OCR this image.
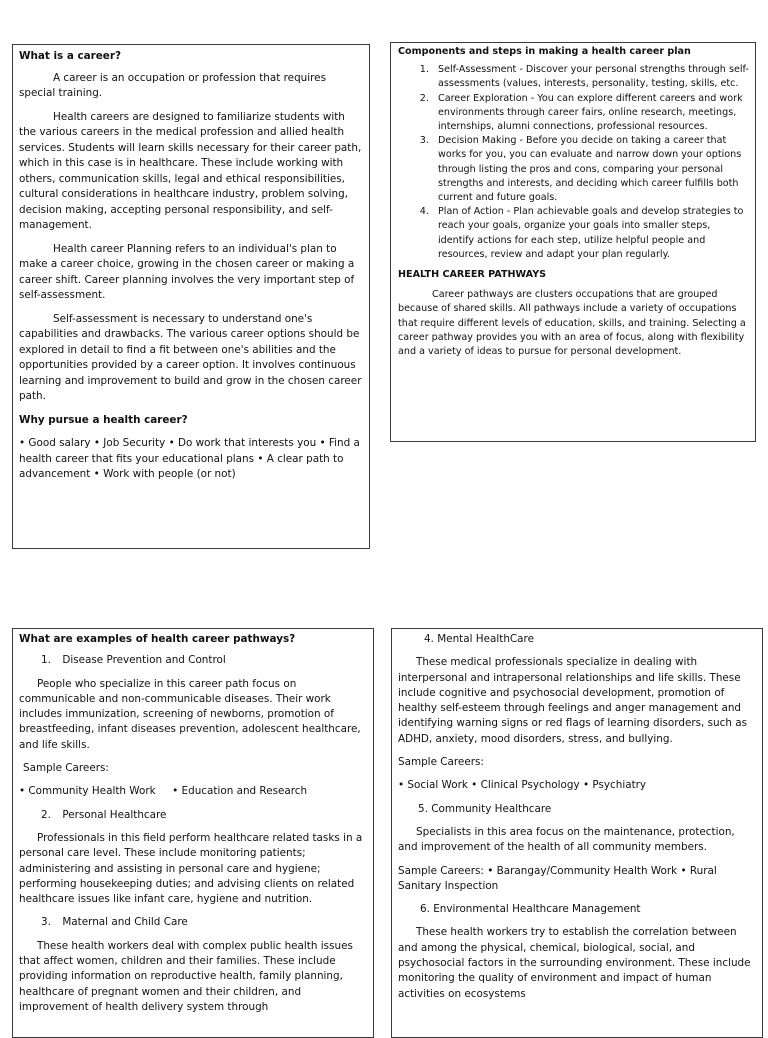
What is a career?

A career is an occupation or profession that requires special training.

Health careers are designed to familiarize students with the various careers in the medical profession and allied health services. Students will learn skills necessary for their career path, which in this case is in healthcare. These include working with others, communication skills, legal and ethical responsibilities, cultural considerations in healthcare industry, problem solving, decision making, accepting personal responsibility, and self-management.

Health career Planning refers to an individual's plan to make a career choice, growing in the chosen career or making a career shift. Career planning involves the very important step of self-assessment.

Self-assessment is necessary to understand one's capabilities and drawbacks. The various career options should be explored in detail to find a fit between one's abilities and the opportunities provided by a career option. It involves continuous learning and improvement to build and grow in the chosen career path.

Why pursue a health career?

• Good salary • Job Security • Do work that interests you • Find a health career that fits your educational plans • A clear path to advancement • Work with people (or not)

Components and steps in making a health career plan

1. Self-Assessment - Discover your personal strengths through self-assessments (values, interests, personality, testing, skills, etc.
2. Career Exploration - You can explore different careers and work environments through career fairs, online research, meetings, internships, alumni connections, professional resources.
3. Decision Making - Before you decide on taking a career that works for you, you can evaluate and narrow down your options through listing the pros and cons, comparing your personal strengths and interests, and deciding which career fulfills both current and future goals.
4. Plan of Action - Plan achievable goals and develop strategies to reach your goals, organize your goals into smaller steps, identify actions for each step, utilize helpful people and resources, review and adapt your plan regularly.

HEALTH CAREER PATHWAYS

Career pathways are clusters occupations that are grouped because of shared skills. All pathways include a variety of occupations that require different levels of education, skills, and training. Selecting a career pathway provides you with an area of focus, along with flexibility and a variety of ideas to pursue for personal development.

What are examples of health career pathways?

1. Disease Prevention and Control

People who specialize in this career path focus on communicable and non-communicable diseases. Their work includes immunization, screening of newborns, promotion of breastfeeding, infant diseases prevention, adolescent healthcare, and life skills.

Sample Careers:

• Community Health Work     • Education and Research

2. Personal Healthcare

Professionals in this field perform healthcare related tasks in a personal care level. These include monitoring patients; administering and assisting in personal care and hygiene; performing housekeeping duties; and advising clients on related healthcare issues like infant care, hygiene and nutrition.

3. Maternal and Child Care

These health workers deal with complex public health issues that affect women, children and their families. These include providing information on reproductive health, family planning, healthcare of pregnant women and their children, and improvement of health delivery system through

4. Mental HealthCare

These medical professionals specialize in dealing with interpersonal and intrapersonal relationships and life skills. These include cognitive and psychosocial development, promotion of healthy self-esteem through feelings and anger management and identifying warning signs or red flags of learning disorders, such as ADHD, anxiety, mood disorders, stress, and bullying.

Sample Careers:

• Social Work • Clinical Psychology • Psychiatry

5. Community Healthcare

Specialists in this area focus on the maintenance, protection, and improvement of the health of all community members.

Sample Careers: • Barangay/Community Health Work • Rural Sanitary Inspection

6. Environmental Healthcare Management

These health workers try to establish the correlation between and among the physical, chemical, biological, social, and psychosocial factors in the surrounding environment. These include monitoring the quality of environment and impact of human activities on ecosystems
